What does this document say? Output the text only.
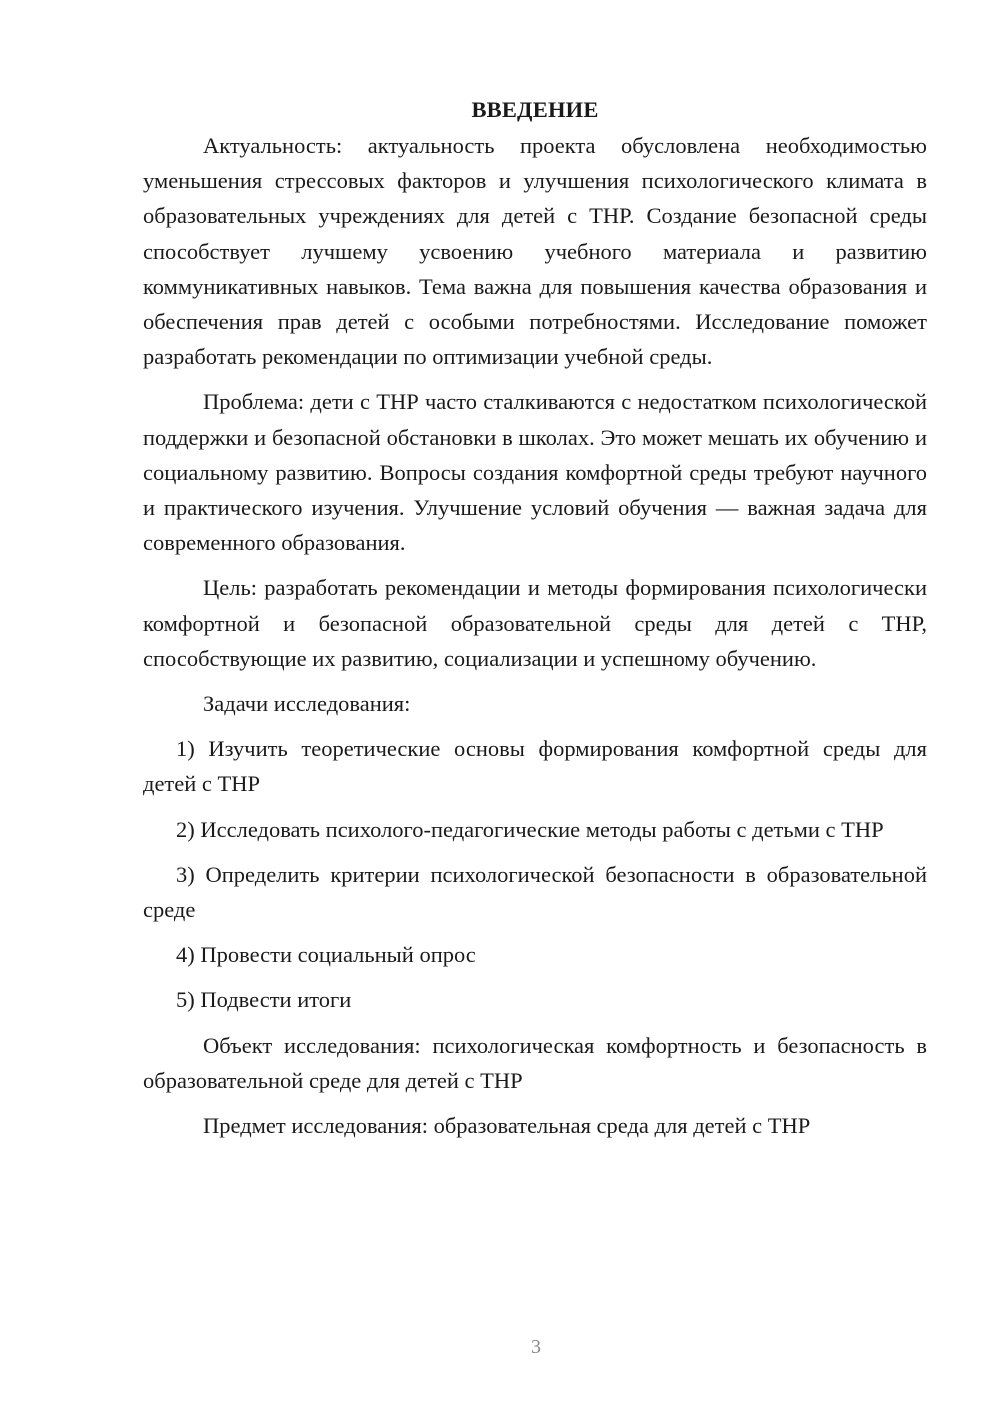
ВВЕДЕНИЕ

Актуальность: актуальность проекта обусловлена необходимостью уменьшения стрессовых факторов и улучшения психологического климата в образовательных учреждениях для детей с ТНР. Создание безопасной среды способствует лучшему усвоению учебного материала и развитию коммуникативных навыков. Тема важна для повышения качества образования и обеспечения прав детей с особыми потребностями. Исследование поможет разработать рекомендации по оптимизации учебной среды.

Проблема: дети с ТНР часто сталкиваются с недостатком психологической поддержки и безопасной обстановки в школах. Это может мешать их обучению и социальному развитию. Вопросы создания комфортной среды требуют научного и практического изучения. Улучшение условий обучения — важная задача для современного образования.

Цель: разработать рекомендации и методы формирования психологически комфортной и безопасной образовательной среды для детей с ТНР, способствующие их развитию, социализации и успешному обучению.

Задачи исследования:

1) Изучить теоретические основы формирования комфортной среды для детей с ТНР

2) Исследовать психолого-педагогические методы работы с детьми с ТНР

3) Определить критерии психологической безопасности в образовательной среде

4) Провести социальный опрос

5) Подвести итоги

Объект исследования: психологическая комфортность и безопасность в образовательной среде для детей с ТНР

Предмет исследования: образовательная среда для детей с ТНР

3
